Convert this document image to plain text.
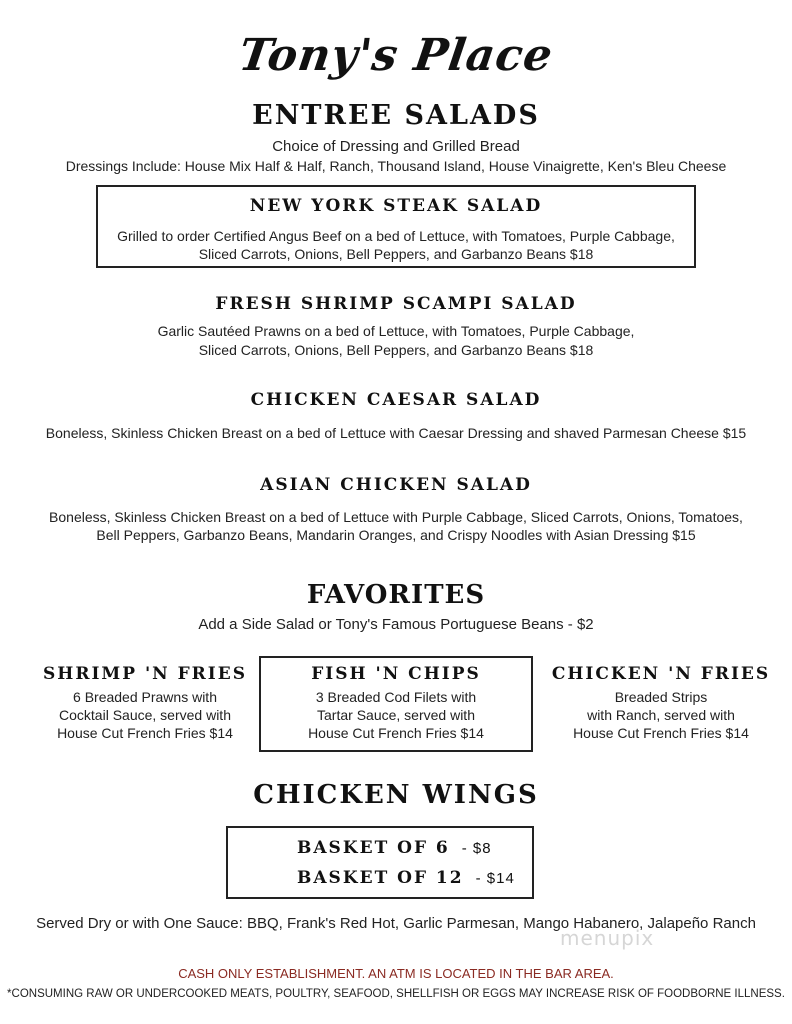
Tony's Place
ENTREE SALADS
Choice of Dressing and Grilled Bread
Dressings Include: House Mix Half & Half, Ranch, Thousand Island, House Vinaigrette, Ken's Bleu Cheese
NEW YORK STEAK SALAD
Grilled to order Certified Angus Beef on a bed of Lettuce, with Tomatoes, Purple Cabbage,
Sliced Carrots, Onions, Bell Peppers, and Garbanzo Beans $18
FRESH SHRIMP SCAMPI SALAD
Garlic Sautéed Prawns on a bed of Lettuce, with Tomatoes, Purple Cabbage,
Sliced Carrots, Onions, Bell Peppers, and Garbanzo Beans $18
CHICKEN CAESAR SALAD
Boneless, Skinless Chicken Breast on a bed of Lettuce with Caesar Dressing and shaved Parmesan Cheese $15
ASIAN CHICKEN SALAD
Boneless, Skinless Chicken Breast on a bed of Lettuce with Purple Cabbage, Sliced Carrots, Onions, Tomatoes,
Bell Peppers, Garbanzo Beans, Mandarin Oranges, and Crispy Noodles with Asian Dressing $15
FAVORITES
Add a Side Salad or Tony's Famous Portuguese Beans - $2
SHRIMP 'N FRIES
6 Breaded Prawns with
Cocktail Sauce, served with
House Cut French Fries $14
FISH 'N CHIPS
3 Breaded Cod Filets with
Tartar Sauce, served with
House Cut French Fries $14
CHICKEN 'N FRIES
Breaded Strips
with Ranch, served with
House Cut French Fries $14
CHICKEN WINGS
BASKET OF 6 - $8
BASKET OF 12 - $14
Served Dry or with One Sauce: BBQ, Frank's Red Hot, Garlic Parmesan, Mango Habanero, Jalapeño Ranch
menupix
CASH ONLY ESTABLISHMENT. AN ATM IS LOCATED IN THE BAR AREA.
*CONSUMING RAW OR UNDERCOOKED MEATS, POULTRY, SEAFOOD, SHELLFISH OR EGGS MAY INCREASE RISK OF FOODBORNE ILLNESS.
